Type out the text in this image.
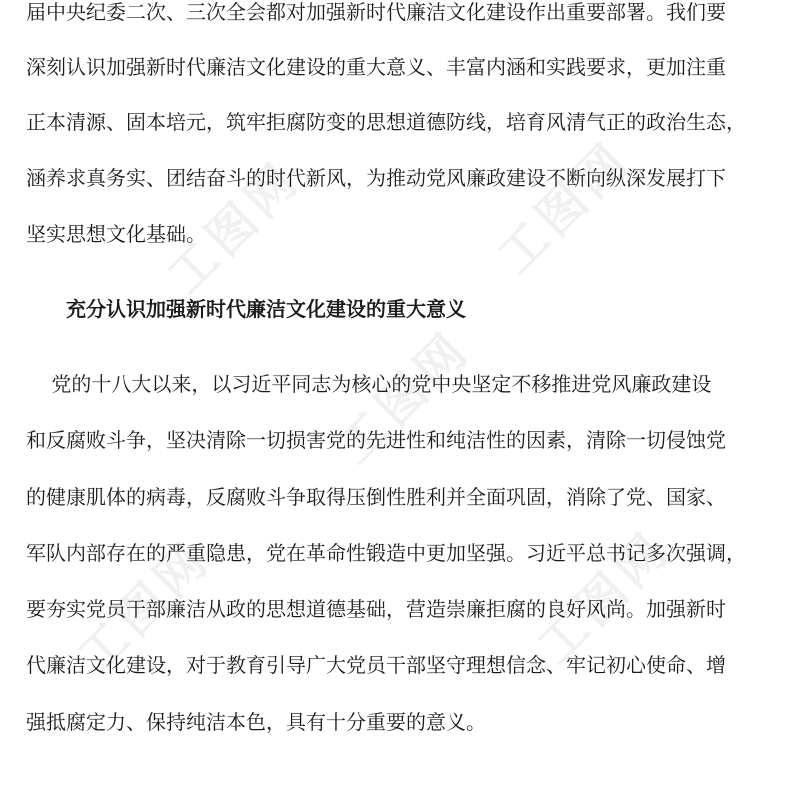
工图网	工图网
工图网
工图网	工图网
届中央纪委二次、三次全会都对加强新时代廉洁文化建设作出重要部署。我们要
深刻认识加强新时代廉洁文化建设的重大意义、丰富内涵和实践要求，更加注重
正本清源、固本培元，筑牢拒腐防变的思想道德防线，培育风清气正的政治生态，
涵养求真务实、团结奋斗的时代新风，为推动党风廉政建设不断向纵深发展打下
坚实思想文化基础。
充分认识加强新时代廉洁文化建设的重大意义
党的十八大以来，以习近平同志为核心的党中央坚定不移推进党风廉政建设
和反腐败斗争，坚决清除一切损害党的先进性和纯洁性的因素，清除一切侵蚀党
的健康肌体的病毒，反腐败斗争取得压倒性胜利并全面巩固，消除了党、国家、
军队内部存在的严重隐患，党在革命性锻造中更加坚强。习近平总书记多次强调，
要夯实党员干部廉洁从政的思想道德基础，营造崇廉拒腐的良好风尚。加强新时
代廉洁文化建设，对于教育引导广大党员干部坚守理想信念、牢记初心使命、增
强抵腐定力、保持纯洁本色，具有十分重要的意义。
